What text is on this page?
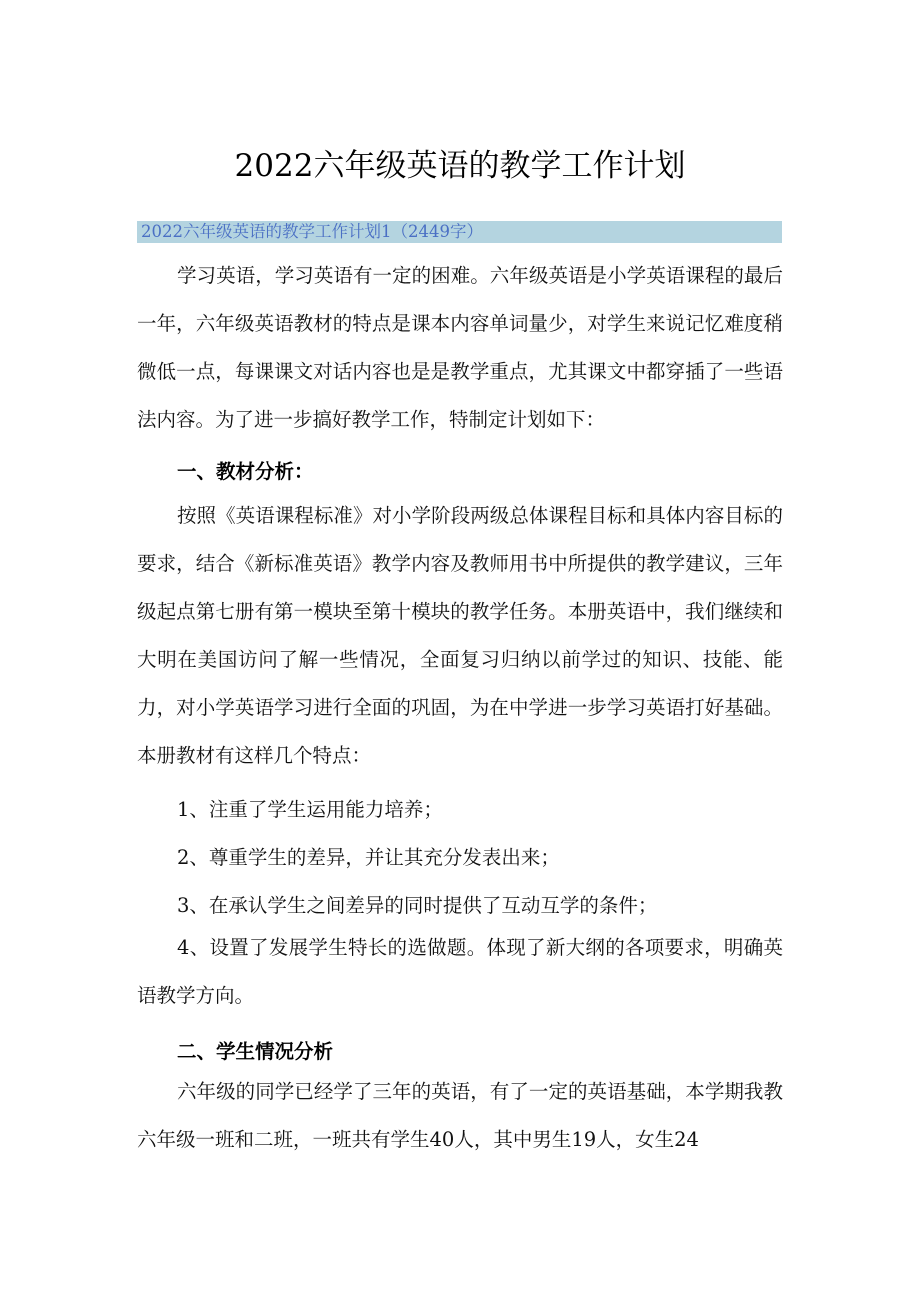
2022六年级英语的教学工作计划
2022六年级英语的教学工作计划1（2449字）
学习英语，学习英语有一定的困难。六年级英语是小学英语课程的最后一年，六年级英语教材的特点是课本内容单词量少，对学生来说记忆难度稍微低一点，每课课文对话内容也是是教学重点，尤其课文中都穿插了一些语法内容。为了进一步搞好教学工作，特制定计划如下：
一、教材分析：
按照《英语课程标准》对小学阶段两级总体课程目标和具体内容目标的要求，结合《新标准英语》教学内容及教师用书中所提供的教学建议，三年级起点第七册有第一模块至第十模块的教学任务。本册英语中，我们继续和大明在美国访问了解一些情况，全面复习归纳以前学过的知识、技能、能力，对小学英语学习进行全面的巩固，为在中学进一步学习英语打好基础。本册教材有这样几个特点：
1、注重了学生运用能力培养；
2、尊重学生的差异，并让其充分发表出来；
3、在承认学生之间差异的同时提供了互动互学的条件；
4、设置了发展学生特长的选做题。体现了新大纲的各项要求，明确英语教学方向。
二、学生情况分析
六年级的同学已经学了三年的英语，有了一定的英语基础，本学期我教六年级一班和二班，一班共有学生40人，其中男生19人，女生24
